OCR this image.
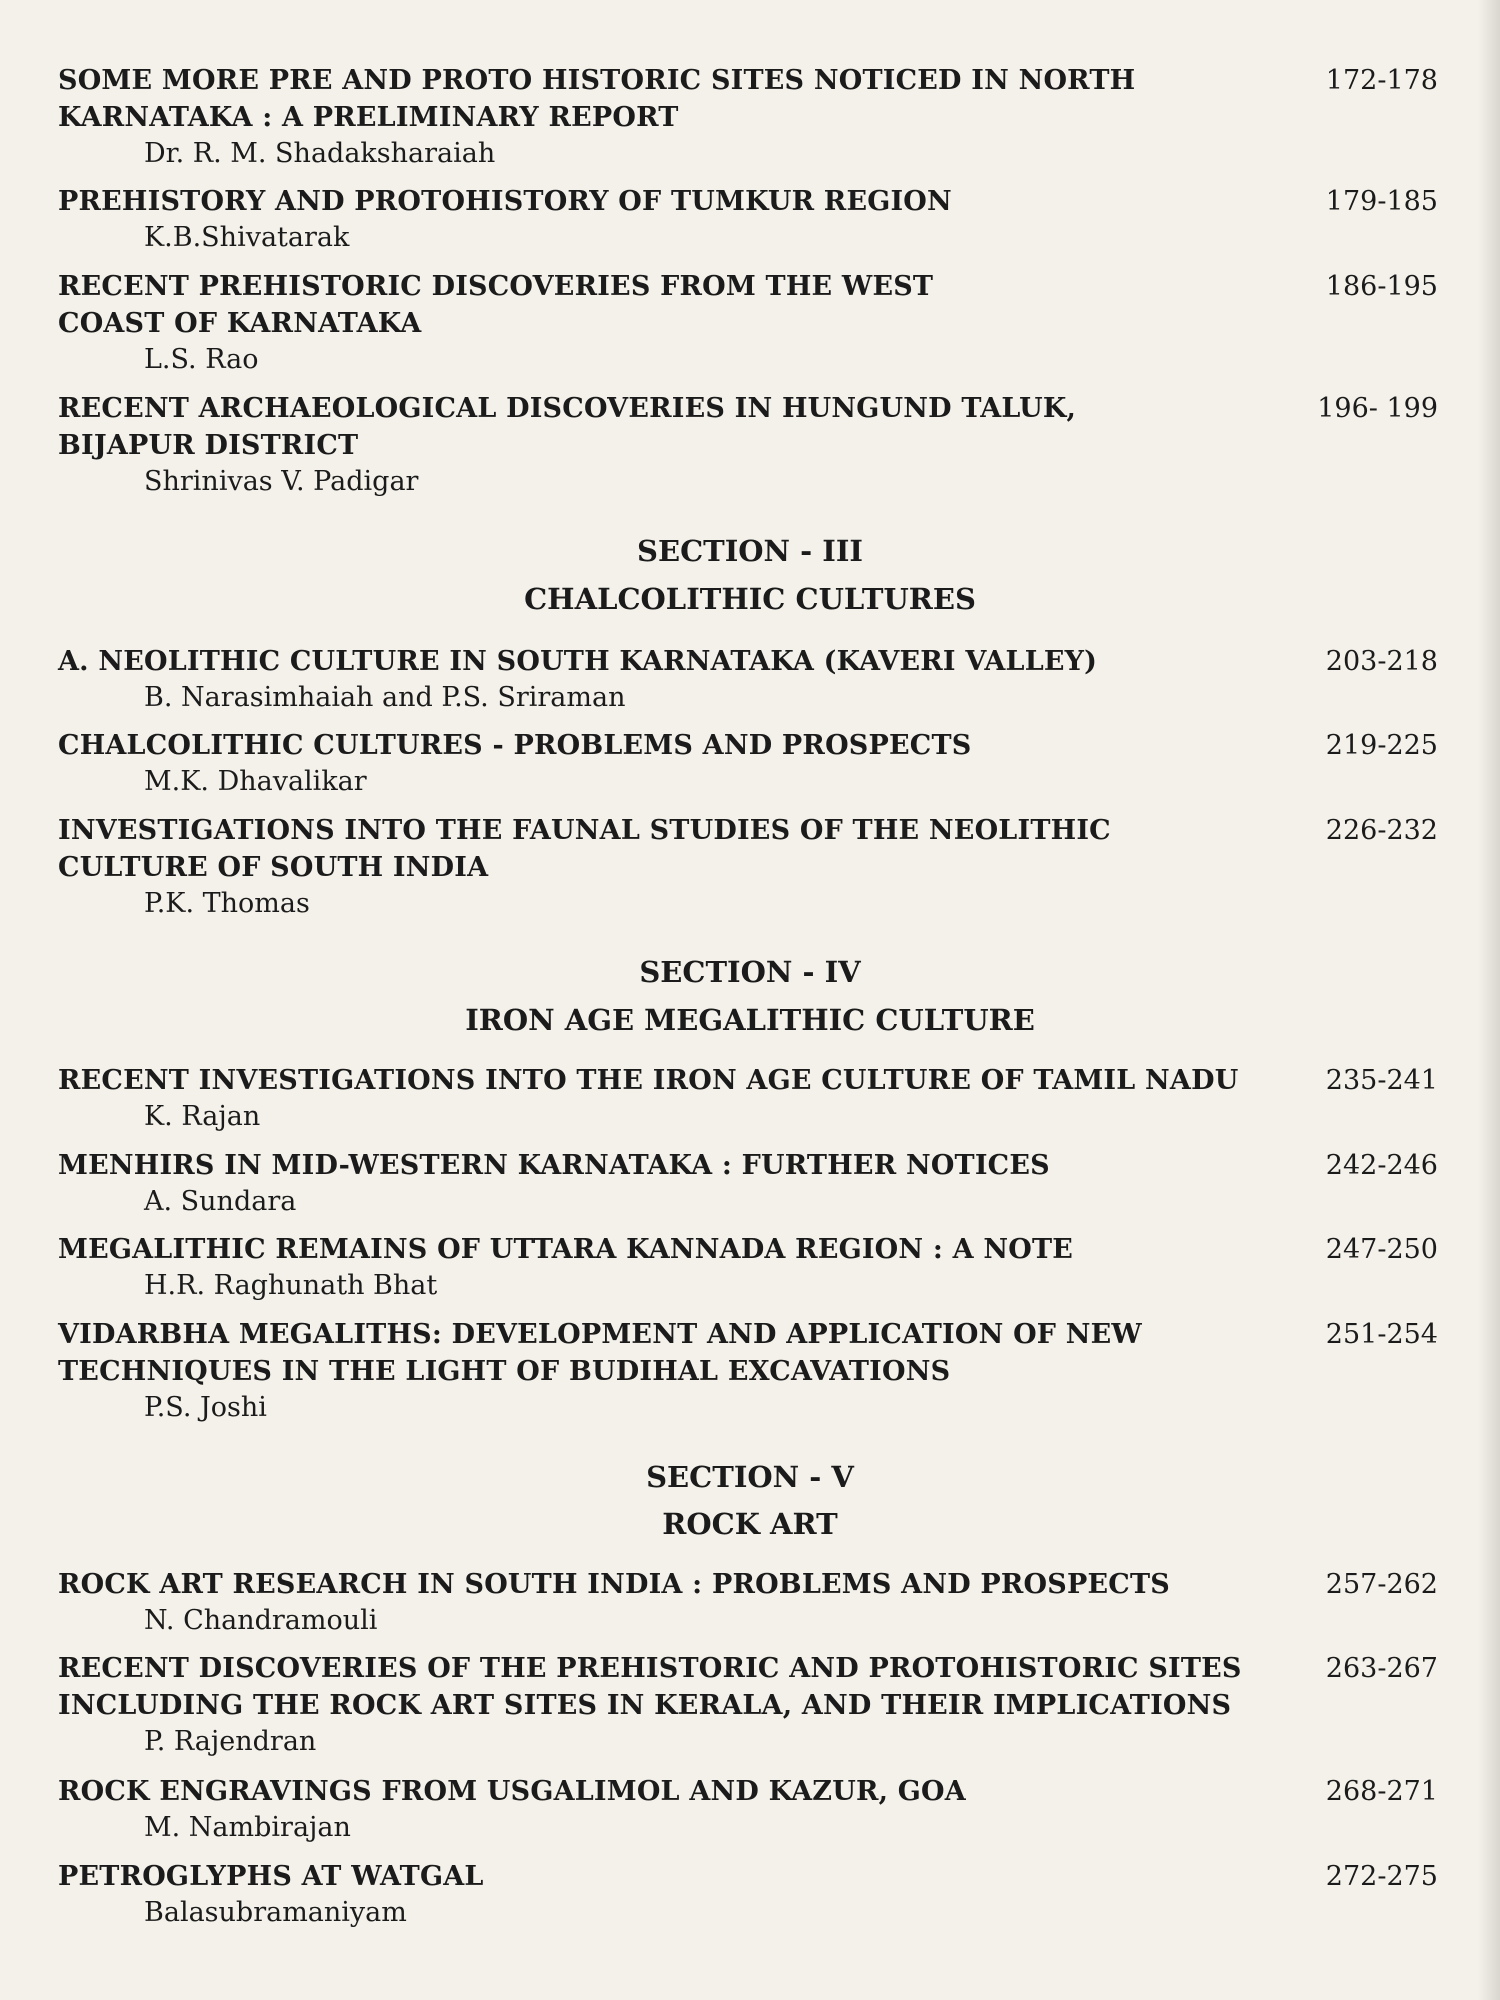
SOME MORE PRE AND PROTO HISTORIC SITES NOTICED IN NORTH KARNATAKA : A PRELIMINARY REPORT
Dr. R. M. Shadaksharaiah
172-178
PREHISTORY AND PROTOHISTORY OF TUMKUR REGION
K.B.Shivatarak
179-185
RECENT PREHISTORIC DISCOVERIES FROM THE WEST COAST OF KARNATAKA
L.S. Rao
186-195
RECENT ARCHAEOLOGICAL DISCOVERIES IN HUNGUND TALUK, BIJAPUR DISTRICT
Shrinivas V. Padigar
196- 199
SECTION - III
CHALCOLITHIC CULTURES
A. NEOLITHIC CULTURE IN SOUTH KARNATAKA (KAVERI VALLEY)
B. Narasimhaiah and P.S. Sriraman
203-218
CHALCOLITHIC CULTURES - PROBLEMS AND PROSPECTS
M.K. Dhavalikar
219-225
INVESTIGATIONS INTO THE FAUNAL STUDIES OF THE NEOLITHIC CULTURE OF SOUTH INDIA
P.K. Thomas
226-232
SECTION - IV
IRON AGE MEGALITHIC CULTURE
RECENT INVESTIGATIONS INTO THE IRON AGE CULTURE OF TAMIL NADU
K. Rajan
235-241
MENHIRS IN MID-WESTERN KARNATAKA : FURTHER NOTICES
A. Sundara
242-246
MEGALITHIC REMAINS OF UTTARA KANNADA REGION : A NOTE
H.R. Raghunath Bhat
247-250
VIDARBHA MEGALITHS: DEVELOPMENT AND APPLICATION OF NEW TECHNIQUES IN THE LIGHT OF BUDIHAL EXCAVATIONS
P.S. Joshi
251-254
SECTION - V
ROCK ART
ROCK ART RESEARCH IN SOUTH INDIA : PROBLEMS AND PROSPECTS
N. Chandramouli
257-262
RECENT DISCOVERIES OF THE PREHISTORIC AND PROTOHISTORIC SITES INCLUDING THE ROCK ART SITES IN KERALA, AND THEIR IMPLICATIONS
P. Rajendran
263-267
ROCK ENGRAVINGS FROM USGALIMOL AND KAZUR, GOA
M. Nambirajan
268-271
PETROGLYPHS AT WATGAL
Balasubramaniyam
272-275
